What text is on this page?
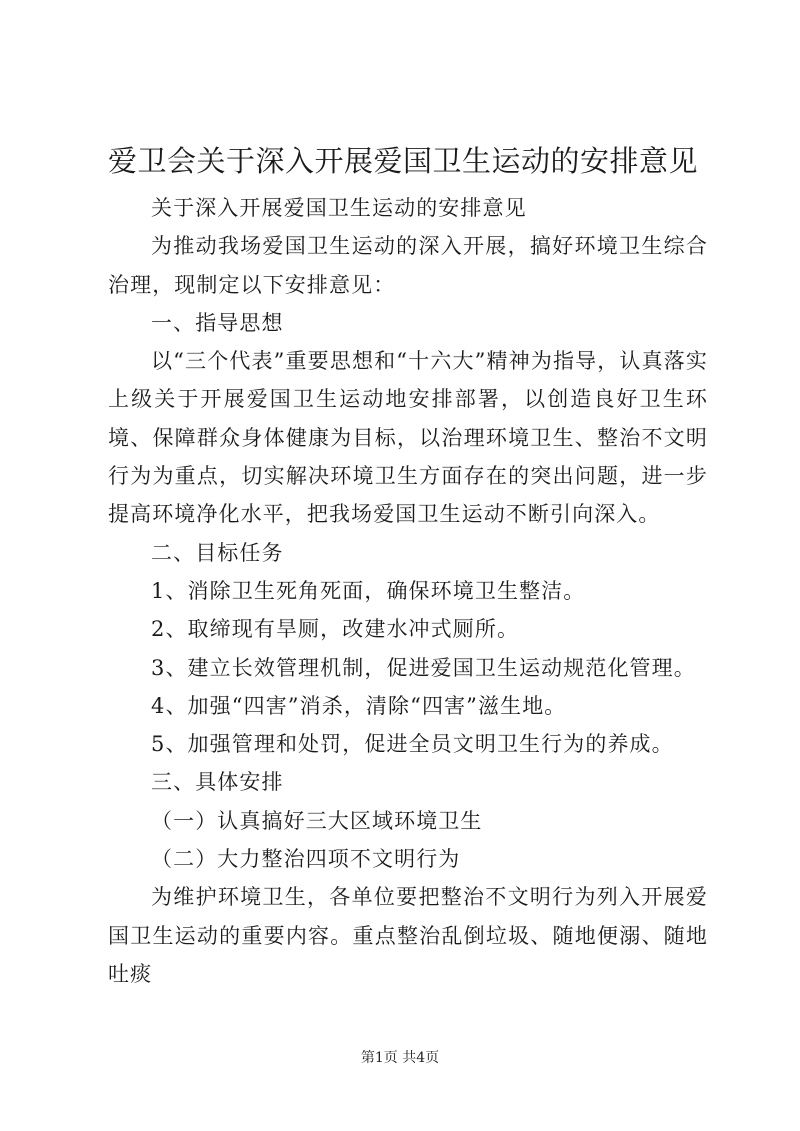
爱卫会关于深入开展爱国卫生运动的安排意见

关于深入开展爱国卫生运动的安排意见

为推动我场爱国卫生运动的深入开展，搞好环境卫生综合治理，现制定以下安排意见：

一、指导思想

以“三个代表”重要思想和“十六大”精神为指导，认真落实上级关于开展爱国卫生运动地安排部署，以创造良好卫生环境、保障群众身体健康为目标，以治理环境卫生、整治不文明行为为重点，切实解决环境卫生方面存在的突出问题，进一步提高环境净化水平，把我场爱国卫生运动不断引向深入。

二、目标任务

1、消除卫生死角死面，确保环境卫生整洁。

2、取缔现有旱厕，改建水冲式厕所。

3、建立长效管理机制，促进爱国卫生运动规范化管理。

4、加强“四害”消杀，清除“四害”滋生地。

5、加强管理和处罚，促进全员文明卫生行为的养成。

三、具体安排

（一）认真搞好三大区域环境卫生

（二）大力整治四项不文明行为

为维护环境卫生，各单位要把整治不文明行为列入开展爱国卫生运动的重要内容。重点整治乱倒垃圾、随地便溺、随地吐痰

第1页 共4页
